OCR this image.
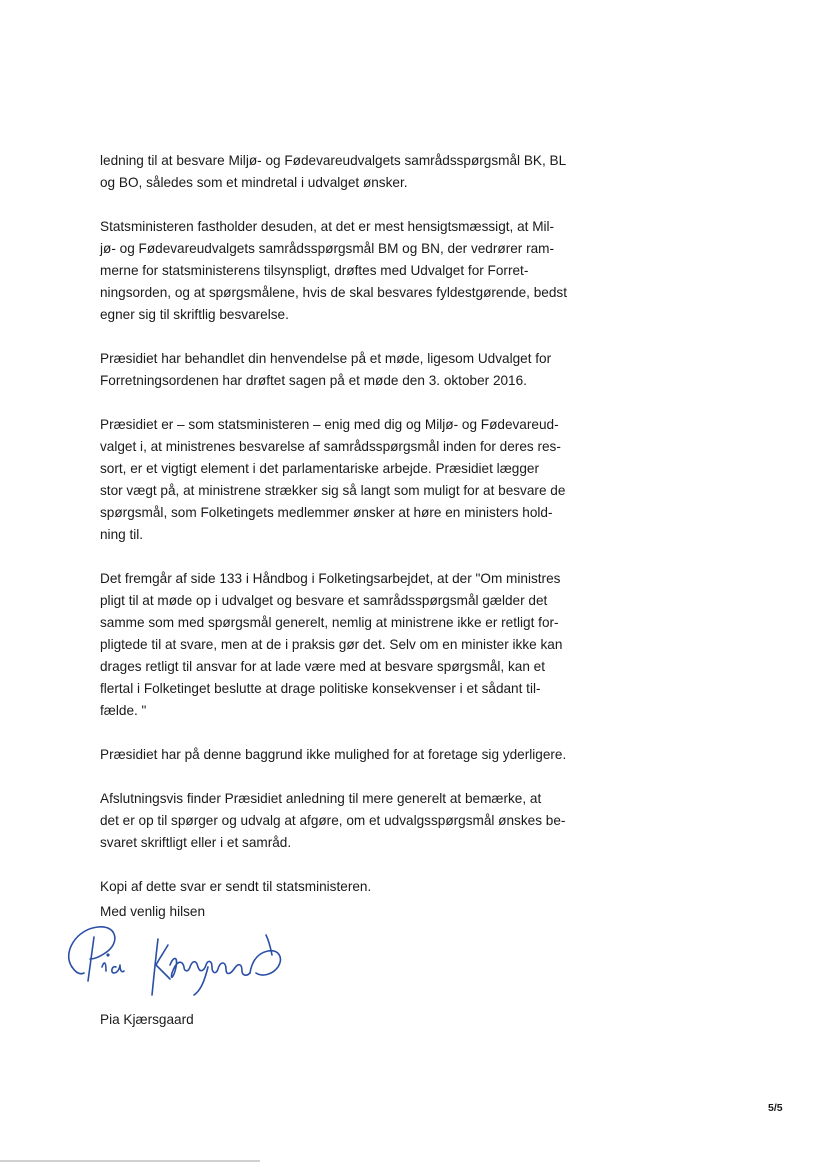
ledning til at besvare Miljø- og Fødevareudvalgets samrådsspørgsmål BK, BL
og BO, således som et mindretal i udvalget ønsker.

Statsministeren fastholder desuden, at det er mest hensigtsmæssigt, at Mil-
jø- og Fødevareudvalgets samrådsspørgsmål BM og BN, der vedrører ram-
merne for statsministerens tilsynspligt, drøftes med Udvalget for Forret-
ningsorden, og at spørgsmålene, hvis de skal besvares fyldestgørende, bedst
egner sig til skriftlig besvarelse.

Præsidiet har behandlet din henvendelse på et møde, ligesom Udvalget for
Forretningsordenen har drøftet sagen på et møde den 3. oktober 2016.

Præsidiet er – som statsministeren – enig med dig og Miljø- og Fødevareud-
valget i, at ministrenes besvarelse af samrådsspørgsmål inden for deres res-
sort, er et vigtigt element i det parlamentariske arbejde. Præsidiet lægger
stor vægt på, at ministrene strækker sig så langt som muligt for at besvare de
spørgsmål, som Folketingets medlemmer ønsker at høre en ministers hold-
ning til.

Det fremgår af side 133 i Håndbog i Folketingsarbejdet, at der "Om ministres
pligt til at møde op i udvalget og besvare et samrådsspørgsmål gælder det
samme som med spørgsmål generelt, nemlig at ministrene ikke er retligt for-
pligtede til at svare, men at de i praksis gør det. Selv om en minister ikke kan
drages retligt til ansvar for at lade være med at besvare spørgsmål, kan et
flertal i Folketinget beslutte at drage politiske konsekvenser i et sådant til-
fælde. "

Præsidiet har på denne baggrund ikke mulighed for at foretage sig yderligere.

Afslutningsvis finder Præsidiet anledning til mere generelt at bemærke, at
det er op til spørger og udvalg at afgøre, om et udvalgsspørgsmål ønskes be-
svaret skriftligt eller i et samråd.

Kopi af dette svar er sendt til statsministeren.

Med venlig hilsen

Pia Kjærsgaard

5/5
